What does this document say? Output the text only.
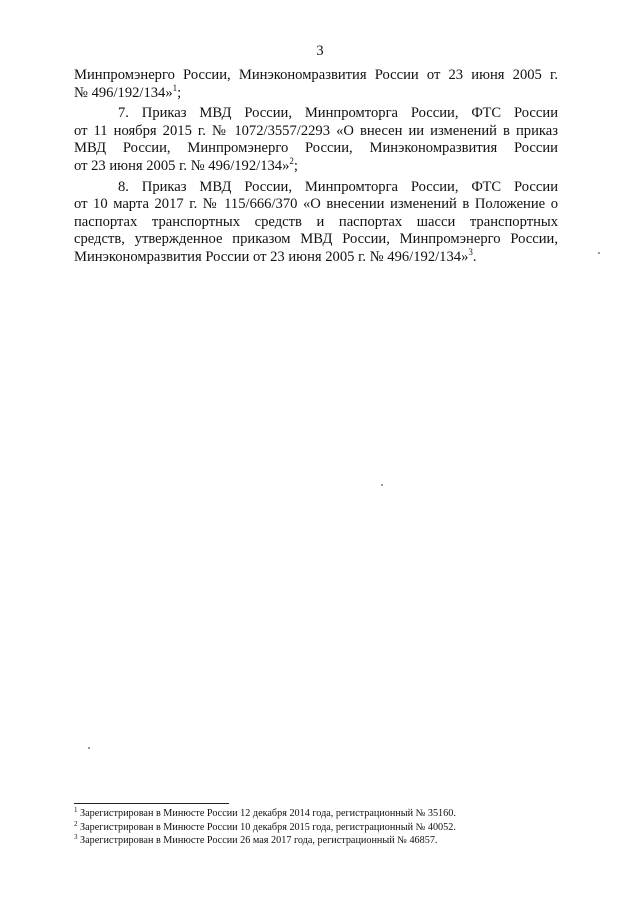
3
Минпромэнерго России, Минэкономразвития России от 23 июня 2005 г.
№ 496/192/134»$^1$;
7. Приказ МВД России, Минпромторга России, ФТС России
от 11 ноября 2015 г. № 1072/3557/2293 «О внесен ии изменений в приказ
МВД России, Минпромэнерго России, Минэкономразвития России
от 23 июня 2005 г. № 496/192/134»$^2$;
8. Приказ МВД России, Минпромторга России, ФТС России
от 10 марта 2017 г. № 115/666/370 «О внесении изменений в Положение о
паспортах транспортных средств и паспортах шасси транспортных
средств, утвержденное приказом МВД России, Минпромэнерго России,
Минэкономразвития России от 23 июня 2005 г. № 496/192/134»$^3$.
$^1$ Зарегистрирован в Минюсте России 12 декабря 2014 года, регистрационный № 35160.
$^2$ Зарегистрирован в Минюсте России 10 декабря 2015 года, регистрационный № 40052.
$^3$ Зарегистрирован в Минюсте России 26 мая 2017 года, регистрационный № 46857.
